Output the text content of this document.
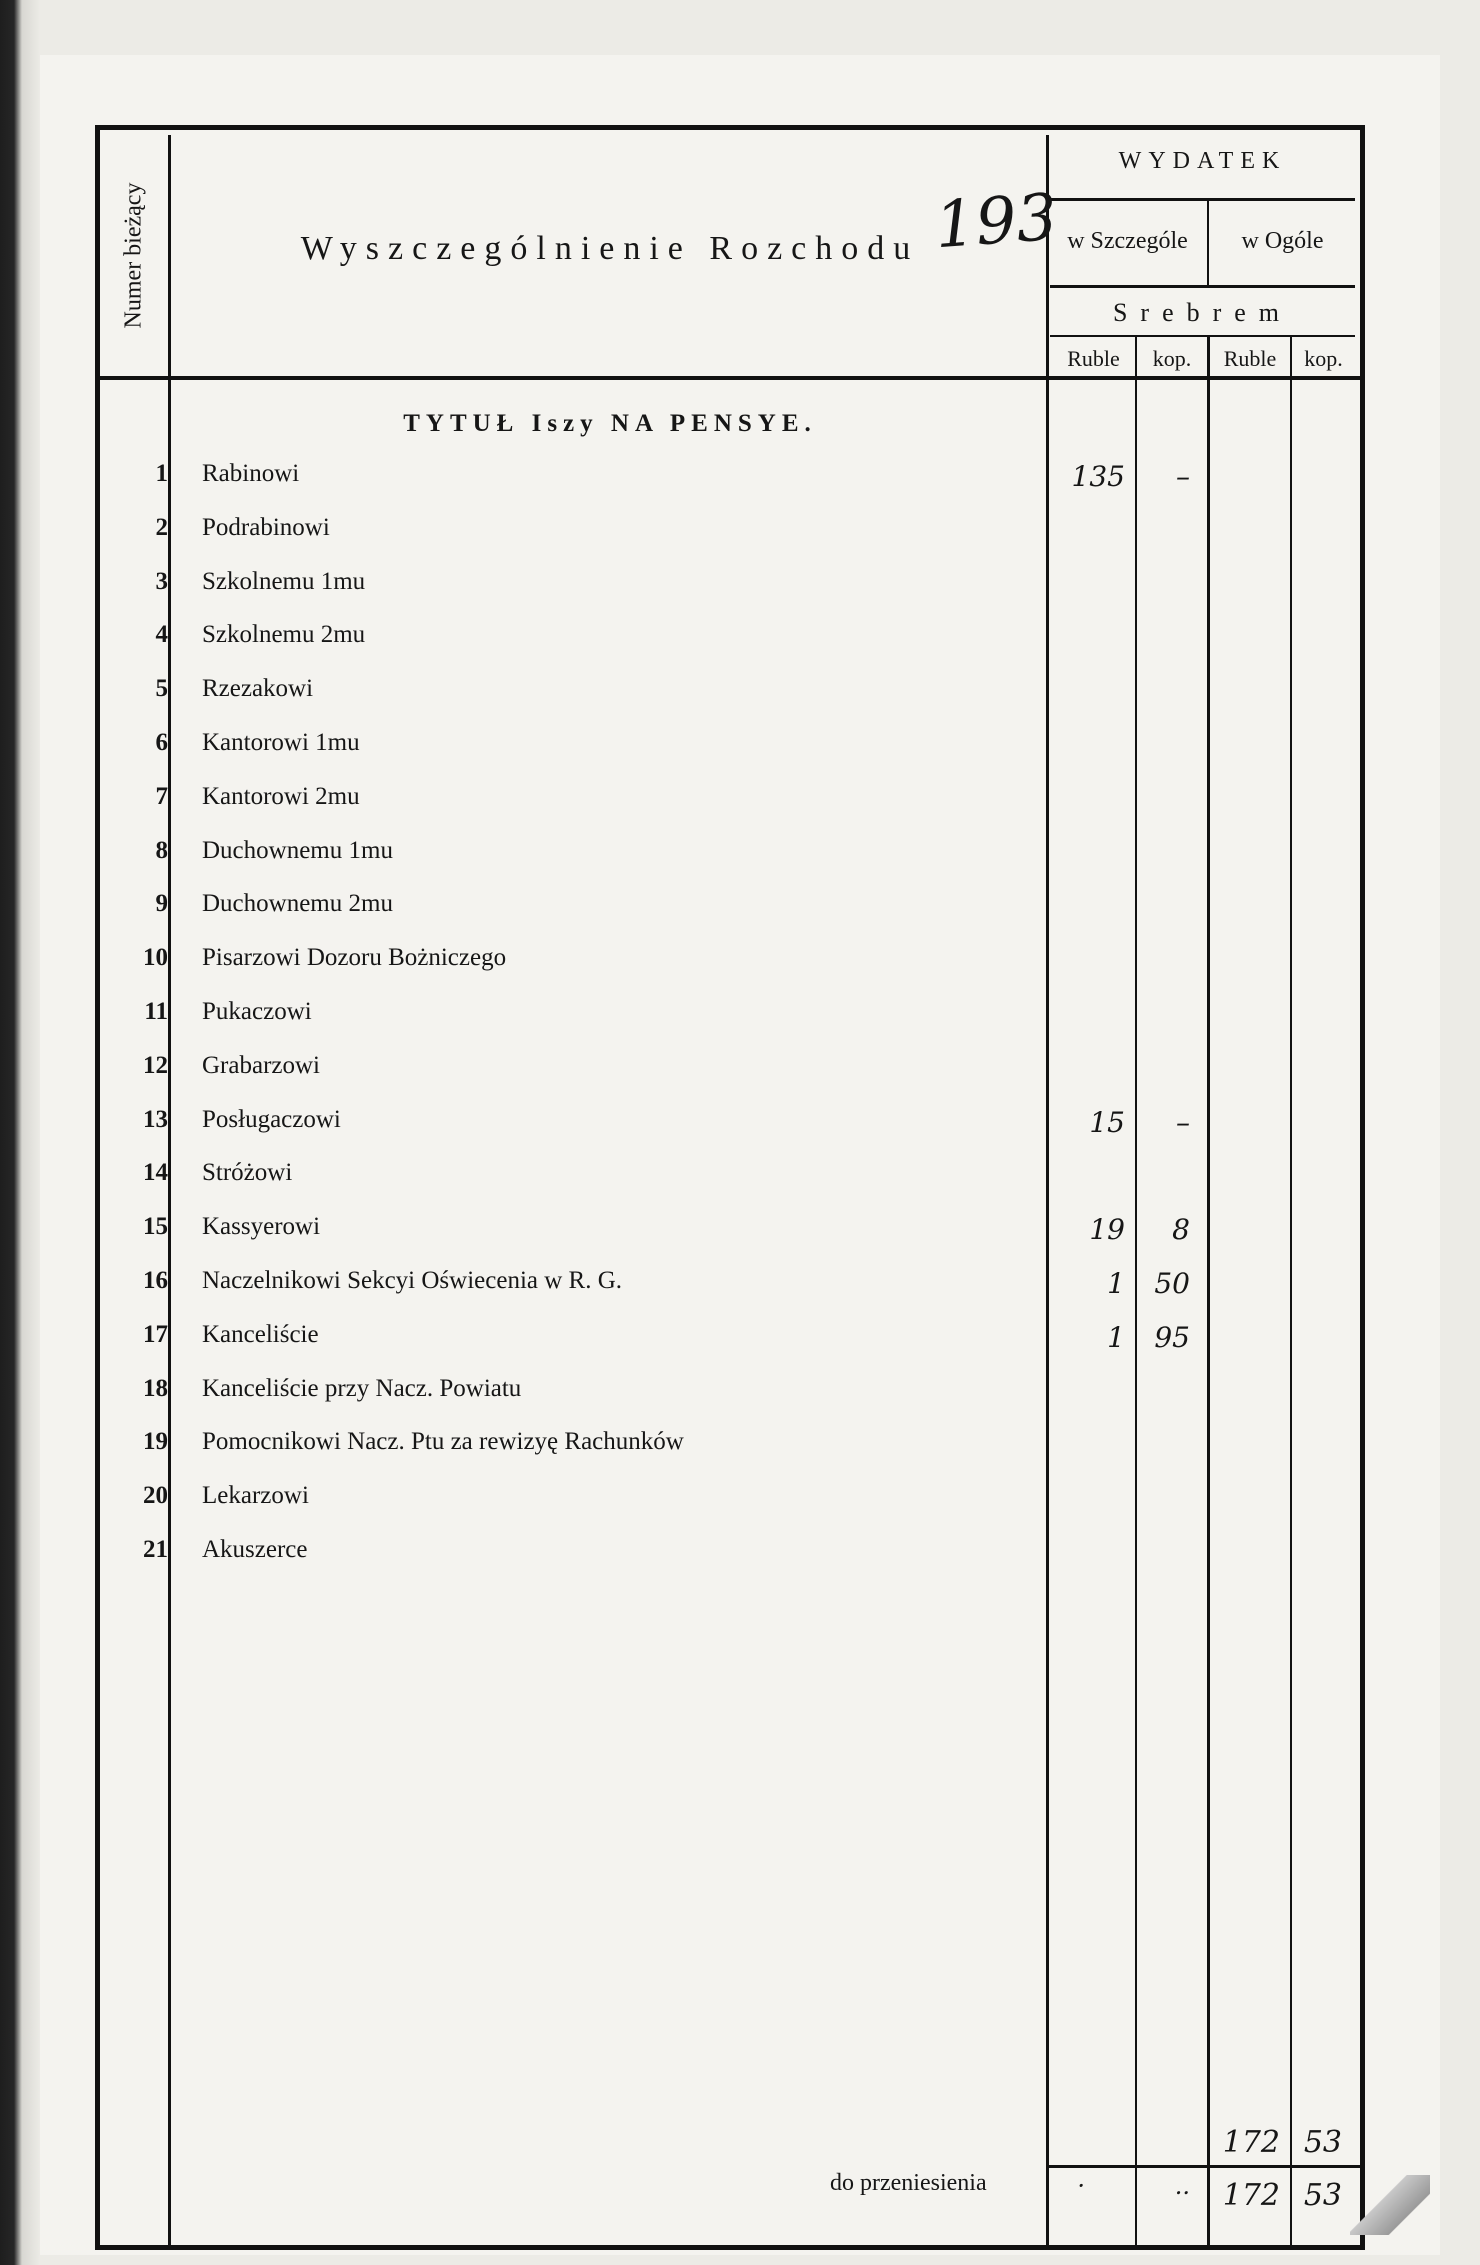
Numer bieżący	Wyszczególnienie Rozchodu 193
WYDATEK
w Szczególe	w Ogóle
Srebrem
Ruble	kop.	Ruble	kop.
TYTUŁ Iszy NA PENSYE.
1 Rabinowi	135	–
2 Podrabinowi
3 Szkolnemu 1mu
4 Szkolnemu 2mu
5 Rzezakowi
6 Kantorowi 1mu
7 Kantorowi 2mu
8 Duchownemu 1mu
9 Duchownemu 2mu
10 Pisarzowi Dozoru Bożniczego
11 Pukaczowi
12 Grabarzowi
13 Posługaczowi	15	–
14 Stróżowi
15 Kassyerowi	19	8
16 Naczelnikowi Sekcyi Oświecenia w R. G.	1	50
17 Kanceliście	1	95
18 Kanceliście przy Nacz. Powiatu
19 Pomocnikowi Nacz. Ptu za rewizyę Rachunków
20 Lekarzowi
21 Akuszerce
172 53
do przeniesienia	·	..	172 53
